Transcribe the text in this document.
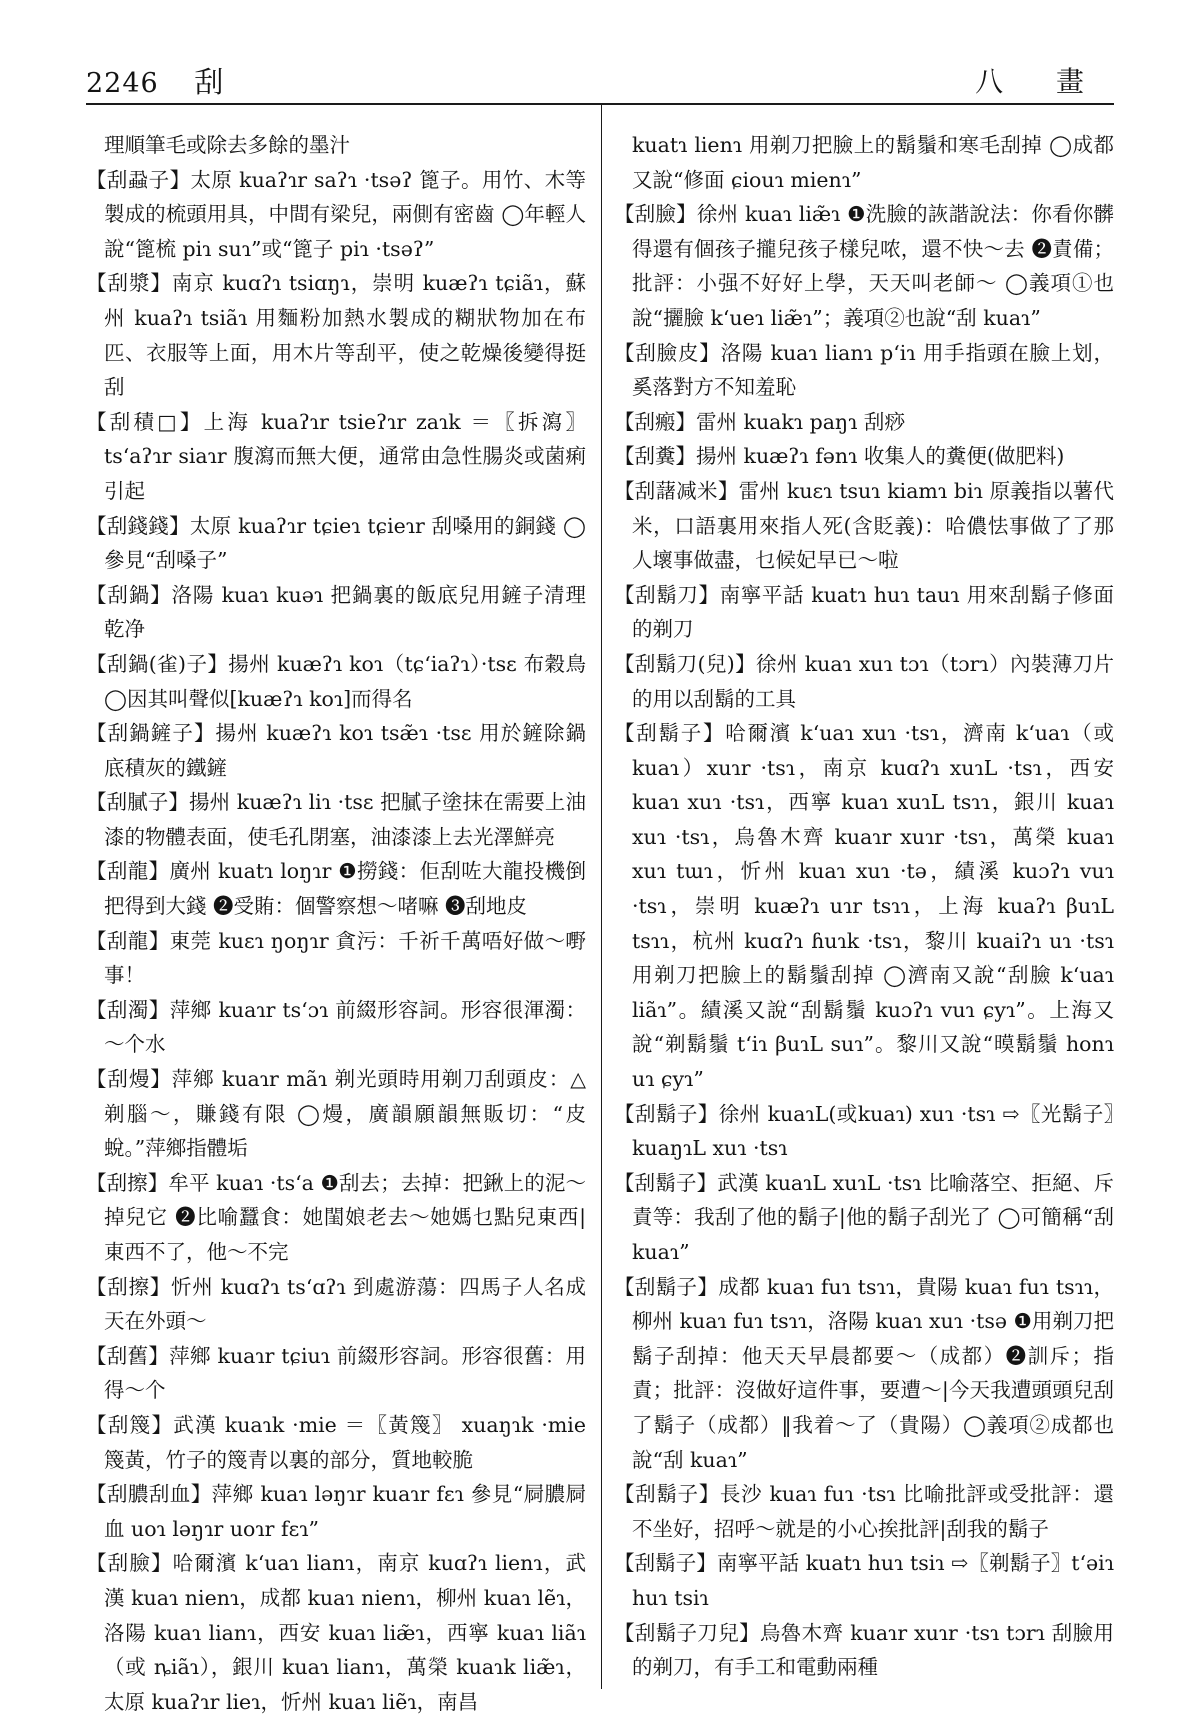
2246 刮	八 畫

理順筆毛或除去多餘的墨汁

【刮蝨子】太原 kuaʔɿr saʔɿ ·tsəʔ 篦子。用竹、木等製成的梳頭用具，中間有梁兒，兩側有密齒 ◯年輕人說“篦梳 piɿ suɿ”或“篦子 piɿ ·tsəʔ”

【刮漿】南京 kuɑʔɿ tsiɑŋɿ，崇明 kuæʔɿ tɕiãɿ，蘇州 kuaʔɿ tsiãɿ 用麵粉加熱水製成的糊狀物加在布匹、衣服等上面，用木片等刮平，使之乾燥後變得挺刮

【刮積□】上海 kuaʔɿr tsieʔɿr zaɿk ＝〖拆瀉〗 tsʻaʔɿr siaɿr 腹瀉而無大便，通常由急性腸炎或菌痢引起

【刮錢錢】太原 kuaʔɿr tɕieɿ tɕieɿr 刮嗓用的銅錢 ◯參見“刮嗓子”

【刮鍋】洛陽 kuaɿ kuəɿ 把鍋裏的飯底兒用鏟子清理乾净

【刮鍋(雀)子】揚州 kuæʔɿ koɿ（tɕʻiaʔɿ）·tsɛ 布穀鳥 ◯因其叫聲似[kuæʔɿ koɿ]而得名

【刮鍋鏟子】揚州 kuæʔɿ koɿ tsæ̃ɿ ·tsɛ 用於鏟除鍋底積灰的鐵鏟

【刮膩子】揚州 kuæʔɿ liɿ ·tsɛ 把膩子塗抹在需要上油漆的物體表面，使毛孔閉塞，油漆漆上去光澤鮮亮

【刮龍】廣州 kuatɿ loŋɿr ❶撈錢：佢刮咗大龍投機倒把得到大錢 ❷受賄：個警察想～啫嘛 ❸刮地皮

【刮龍】東莞 kuɛɿ ŋoŋɿr 貪污：千祈千萬唔好做～嘢事！

【刮濁】萍鄉 kuaɿr tsʻɔɿ 前綴形容詞。形容很渾濁：～个水

【刮熳】萍鄉 kuaɿr mãɿ 剃光頭時用剃刀刮頭皮：△剃腦～，賺錢有限 ◯熳，廣韻願韻無販切：“皮蛻。”萍鄉指體垢

【刮擦】牟平 kuaɿ ·tsʻa ❶刮去；去掉：把鍬上的泥～掉兒它 ❷比喻蠶食：她閨娘老去～她媽乜點兒東西|東西不了，他～不完

【刮擦】忻州 kuɑʔɿ tsʻɑʔɿ 到處游蕩：四馬子人名成天在外頭～

【刮舊】萍鄉 kuaɿr tɕiuɿ 前綴形容詞。形容很舊：用得～个

【刮篾】武漢 kuaɿk ·mie ＝〖黃篾〗 xuaŋɿk ·mie 篾黃，竹子的篾青以裏的部分，質地較脆

【刮膿刮血】萍鄉 kuaɿ ləŋɿr kuaɿr fɛɿ 參見“屙膿屙血 uoɿ ləŋɿr uoɿr fɛɿ”

【刮臉】哈爾濱 kʻuaɿ lianɿ，南京 kuɑʔɿ lienɿ，武漢 kuaɿ nienɿ，成都 kuaɿ nienɿ，柳州 kuaɿ lẽɿ，洛陽 kuaɿ lianɿ，西安 kuaɿ liæ̃ɿ，西寧 kuaɿ liãɿ（或 ȵiãɿ），銀川 kuaɿ lianɿ，萬榮 kuaɿk liæ̃ɿ，太原 kuaʔɿr lieɿ，忻州 kuaɿ liẽɿ，南昌

kuatɿ lienɿ 用剃刀把臉上的鬍鬚和寒毛刮掉 ◯成都又說“修面 ɕiouɿ mienɿ”

【刮臉】徐州 kuaɿ liæ̃ɿ ❶洗臉的詼諧說法：你看你髒得還有個孩子攏兒孩子樣兒哝，還不快～去 ❷責備；批評：小强不好好上學，天天叫老師～ ◯義項①也說“攦臉 kʻueɿ liæ̃ɿ”；義項②也說“刮 kuaɿ”

【刮臉皮】洛陽 kuaɿ lianɿ pʻiɿ 用手指頭在臉上划，奚落對方不知羞恥

【刮瘢】雷州 kuakɿ paŋɿ 刮痧

【刮糞】揚州 kuæʔɿ fənɿ 收集人的糞便(做肥料)

【刮藷减米】雷州 kuɛɿ tsuɿ kiamɿ biɿ 原義指以薯代米，口語裏用來指人死(含貶義)：哈儂怯事做了了那人壞事做盡，乜候妃早已～啦

【刮鬍刀】南寧平話 kuatɿ huɿ tauɿ 用來刮鬍子修面的剃刀

【刮鬍刀(兒)】徐州 kuaɿ xuɿ tɔɿ（tɔrɿ）內裝薄刀片的用以刮鬍的工具

【刮鬍子】哈爾濱 kʻuaɿ xuɿ ·tsɿ，濟南 kʻuaɿ（或 kuaɿ）xuɿr ·tsɿ，南京 kuɑʔɿ xuɿL ·tsɿ，西安 kuaɿ xuɿ ·tsɿ，西寧 kuaɿ xuɿL tsɿɿ，銀川 kuaɿ xuɿ ·tsɿ，烏魯木齊 kuaɿr xuɿr ·tsɿ，萬榮 kuaɿ xuɿ tɯɿ，忻州 kuaɿ xuɿ ·tə，績溪 kuɔʔɿ vuɿ ·tsɿ，崇明 kuæʔɿ uɿr tsɿɿ，上海 kuaʔɿ βuɿL tsɿɿ，杭州 kuɑʔɿ ɦuɿk ·tsɿ，黎川 kuaiʔɿ uɿ ·tsɿ 用剃刀把臉上的鬍鬚刮掉 ◯濟南又說“刮臉 kʻuaɿ liãɿ”。績溪又說“刮鬍鬚 kuɔʔɿ vuɿ ɕyɿ”。上海又說“剃鬍鬚 tʻiɿ βuɿL suɿ”。黎川又說“暯鬍鬚 honɿ uɿ ɕyɿ”

【刮鬍子】徐州 kuaɿL(或kuaɿ) xuɿ ·tsɿ ⇨〖光鬍子〗kuaŋɿL xuɿ ·tsɿ

【刮鬍子】武漢 kuaɿL xuɿL ·tsɿ 比喻落空、拒絕、斥責等：我刮了他的鬍子|他的鬍子刮光了 ◯可簡稱“刮 kuaɿ”

【刮鬍子】成都 kuaɿ fuɿ tsɿɿ，貴陽 kuaɿ fuɿ tsɿɿ，柳州 kuaɿ fuɿ tsɿɿ，洛陽 kuaɿ xuɿ ·tsə ❶用剃刀把鬍子刮掉：他天天早晨都要～（成都）❷訓斥；指責；批評：沒做好這件事，要遭～|今天我遭頭頭兒刮了鬍子（成都）‖我着～了（貴陽）◯義項②成都也說“刮 kuaɿ”

【刮鬍子】長沙 kuaɿ fuɿ ·tsɿ 比喻批評或受批評：還不坐好，招呼～就是的小心挨批評|刮我的鬍子

【刮鬍子】南寧平話 kuatɿ huɿ tsiɿ ⇨〖剃鬍子〗tʻəiɿ huɿ tsiɿ

【刮鬍子刀兒】烏魯木齊 kuaɿr xuɿr ·tsɿ tɔrɿ 刮臉用的剃刀，有手工和電動兩種
